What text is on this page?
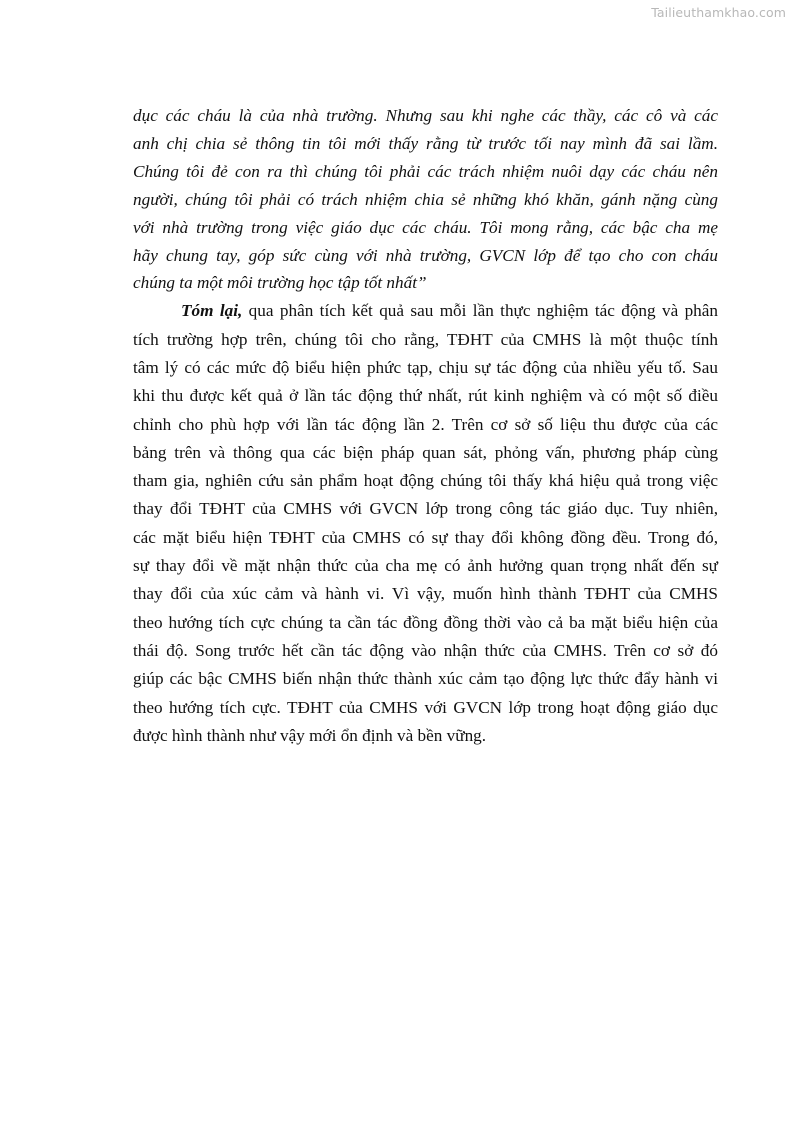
Tailieuthamkhao.com

dục các cháu là của nhà trường. Nhưng sau khi nghe các thầy, các cô và các
anh chị chia sẻ thông tin tôi mới thấy rằng từ trước tối nay mình đã sai lầm.
Chúng tôi đẻ con ra thì chúng tôi phải các trách nhiệm nuôi dạy các cháu nên
người, chúng tôi phải có trách nhiệm chia sẻ những khó khăn, gánh nặng cùng
với nhà trường trong việc giáo dục các cháu. Tôi mong rằng, các bậc cha mẹ
hãy chung tay, góp sức cùng với nhà trường, GVCN lớp để tạo cho con cháu
chúng ta một môi trường học tập tốt nhất”

Tóm lại, qua phân tích kết quả sau mỗi lần thực nghiệm tác động và phân
tích trường hợp trên, chúng tôi cho rằng, TĐHT của CMHS là một thuộc tính
tâm lý có các mức độ biểu hiện phức tạp, chịu sự tác động của nhiều yếu tố. Sau
khi thu được kết quả ở lần tác động thứ nhất, rút kinh nghiệm và có một số điều
chỉnh cho phù hợp với lần tác động lần 2. Trên cơ sở số liệu thu được của các
bảng trên và thông qua các biện pháp quan sát, phỏng vấn, phương pháp cùng
tham gia, nghiên cứu sản phẩm hoạt động chúng tôi thấy khá hiệu quả trong việc
thay đổi TĐHT của CMHS với GVCN lớp trong công tác giáo dục. Tuy nhiên,
các mặt biểu hiện TĐHT của CMHS có sự thay đổi không đồng đều. Trong đó,
sự thay đổi về mặt nhận thức của cha mẹ có ảnh hưởng quan trọng nhất đến sự
thay đổi của xúc cảm và hành vi. Vì vậy, muốn hình thành TĐHT của CMHS
theo hướng tích cực chúng ta cần tác đồng đồng thời vào cả ba mặt biểu hiện của
thái độ. Song trước hết cần tác động vào nhận thức của CMHS. Trên cơ sở đó
giúp các bậc CMHS biến nhận thức thành xúc cảm tạo động lực thức đẩy hành vi
theo hướng tích cực. TĐHT của CMHS với GVCN lớp trong hoạt động giáo dục
được hình thành như vậy mới ổn định và bền vững.
